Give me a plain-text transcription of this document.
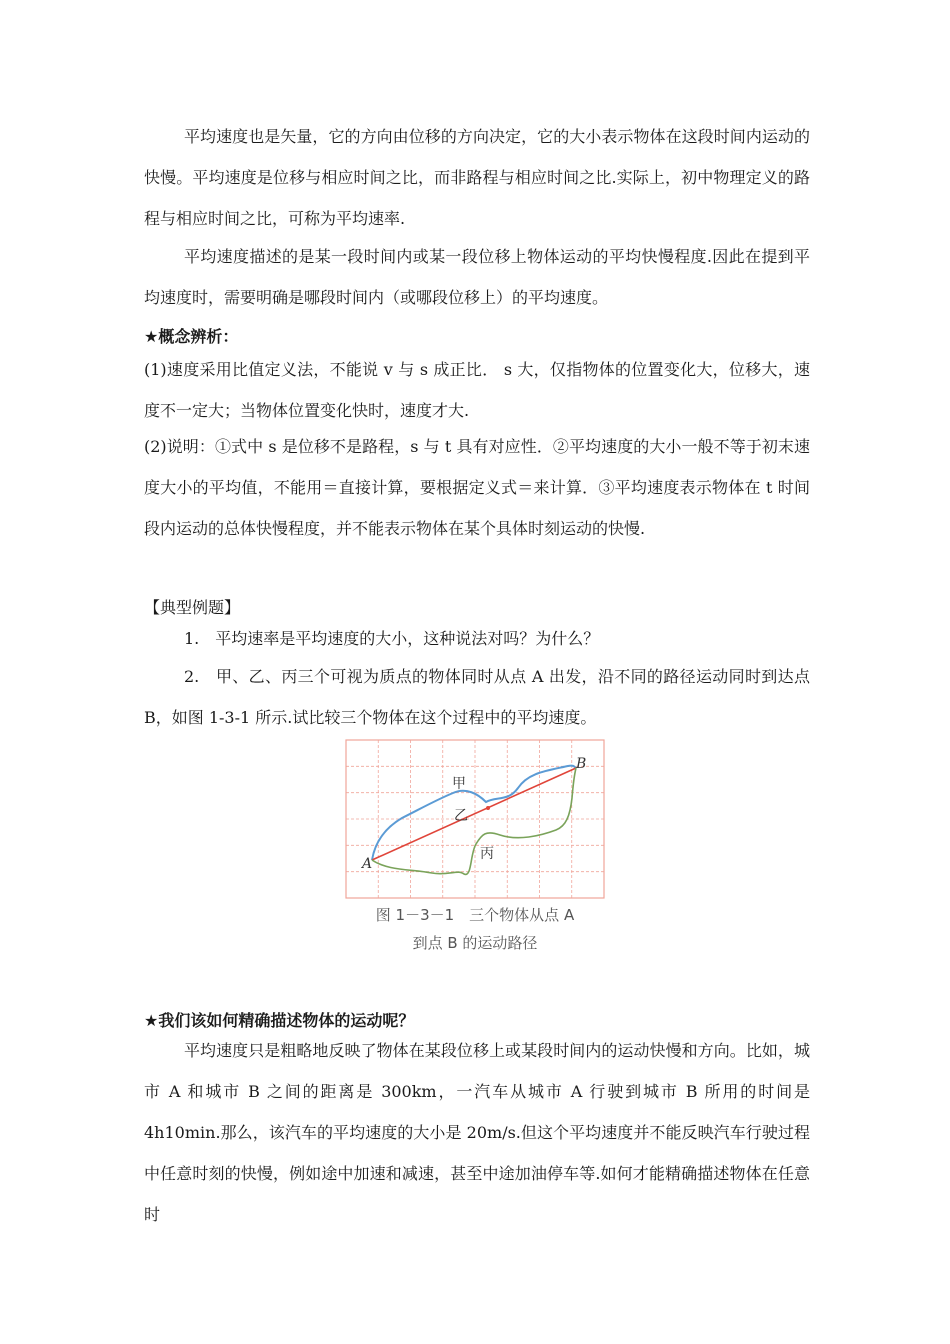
平均速度也是矢量，它的方向由位移的方向决定，它的大小表示物体在这段时间内运动的快慢。平均速度是位移与相应时间之比，而非路程与相应时间之比.实际上，初中物理定义的路程与相应时间之比，可称为平均速率.

平均速度描述的是某一段时间内或某一段位移上物体运动的平均快慢程度.因此在提到平均速度时，需要明确是哪段时间内（或哪段位移上）的平均速度。

★概念辨析：

(1)速度采用比值定义法，不能说 v 与 s 成正比． s 大，仅指物体的位置变化大，位移大，速度不一定大；当物体位置变化快时，速度才大.

(2)说明：①式中 s 是位移不是路程，s 与 t 具有对应性．②平均速度的大小一般不等于初末速度大小的平均值，不能用＝直接计算，要根据定义式＝来计算．③平均速度表示物体在 t 时间段内运动的总体快慢程度，并不能表示物体在某个具体时刻运动的快慢.

【典型例题】

1.　平均速率是平均速度的大小，这种说法对吗？为什么？

2.　甲、乙、丙三个可视为质点的物体同时从点 A 出发，沿不同的路径运动同时到达点 B，如图 1-3-1 所示.试比较三个物体在这个过程中的平均速度。

A
B
甲
乙
丙
图 1－3－1　三个物体从点 A
到点 B 的运动路径

★我们该如何精确描述物体的运动呢？

平均速度只是粗略地反映了物体在某段位移上或某段时间内的运动快慢和方向。比如，城市 A 和城市 B 之间的距离是 300km，一汽车从城市 A 行驶到城市 B 所用的时间是 4h10min.那么，该汽车的平均速度的大小是 20m/s.但这个平均速度并不能反映汽车行驶过程中任意时刻的快慢，例如途中加速和减速，甚至中途加油停车等.如何才能精确描述物体在任意时
